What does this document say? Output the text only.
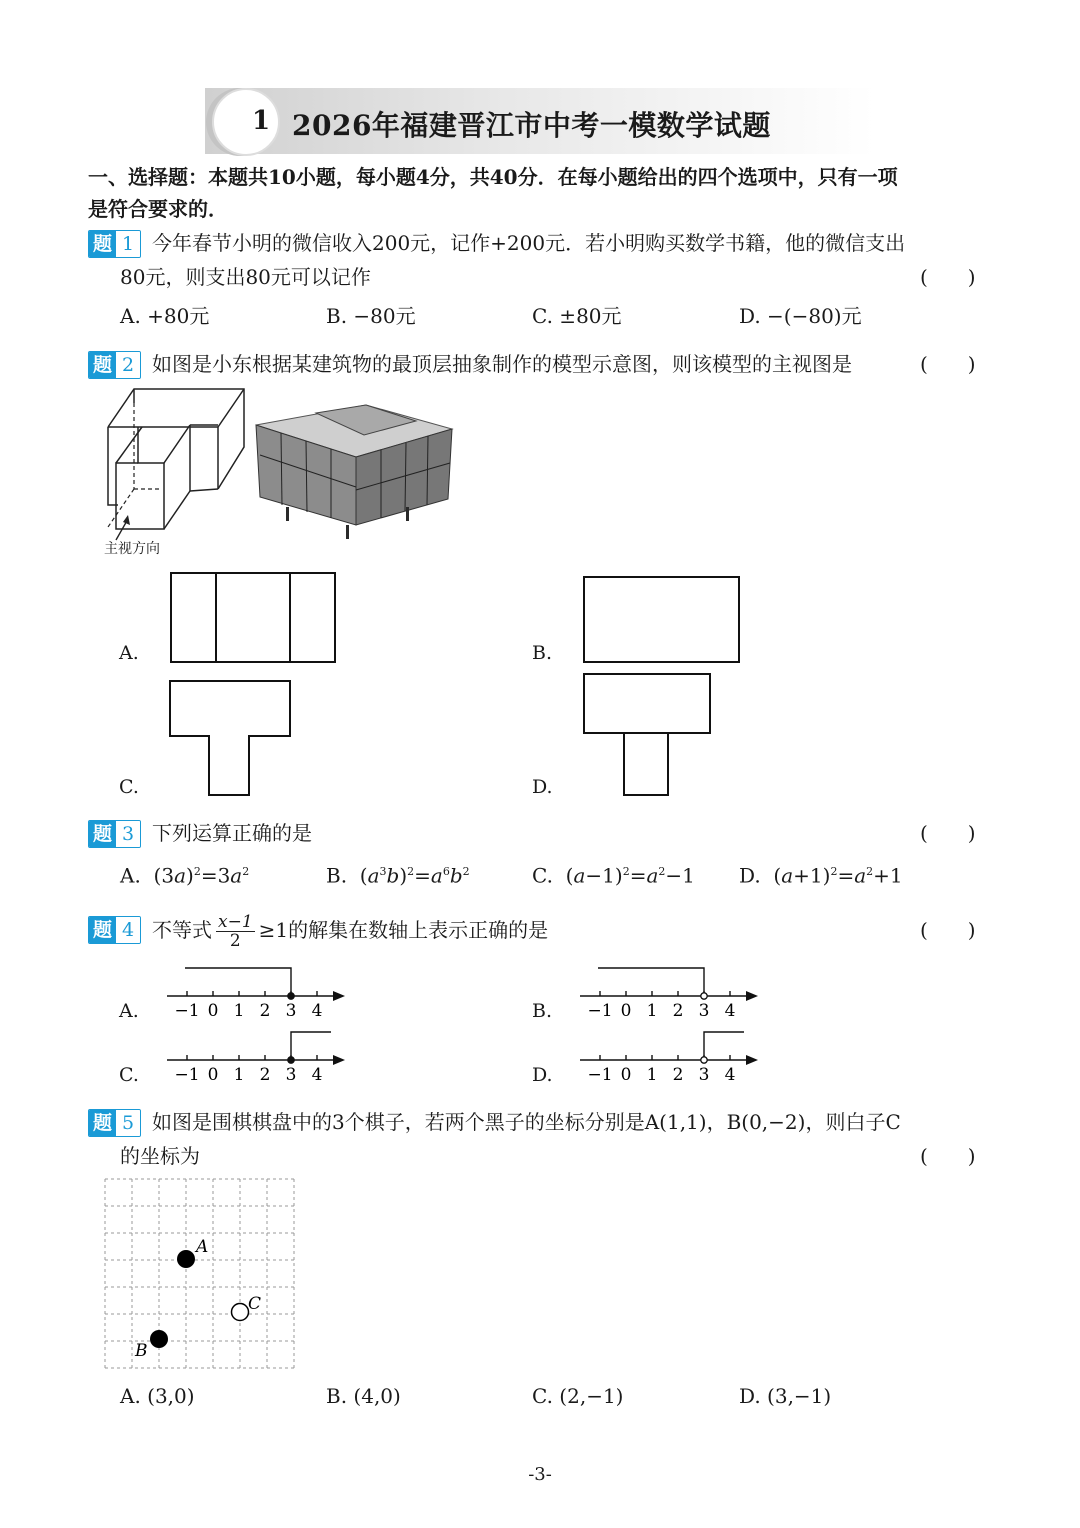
1 2026年福建晋江市中考一模数学试题
一、选择题：本题共10小题，每小题4分，共40分．在每小题给出的四个选项中，只有一项
是符合要求的．
题 1 今年春节小明的微信收入200元，记作+200元．若小明购买数学书籍，他的微信支出
80元，则支出80元可以记作	(　　)
A. +80元	B. −80元	C. ±80元	D. −(−80)元
题 2 如图是小东根据某建筑物的最顶层抽象制作的模型示意图，则该模型的主视图是	(　　)
主视方向
A.	B.
C.	D.
题 3 下列运算正确的是	(　　)
A.  $(3a)^2=3a^2$	B.  $(a^3b)^2=a^6b^2$	C.  $(a-1)^2=a^2-1$ D.  $(a+1)^2=a^2+1$
题 4 不等式 $\frac{x-1}{2} \ge 1$的解集在数轴上表示正确的是	(　　)
A.	B.
C.	D.
−1 0 1 2 3 4	−1 0 1 2 3 4
−1 0 1 2 3 4	−1 0 1 2 3 4
题 5 如图是围棋棋盘中的3个棋子，若两个黑子的坐标分别是A(1,1)，B(0,−2)，则白子C
的坐标为	(　　)
A
B
C
A. (3,0)	B. (4,0)	C. (2,−1)	D. (3,−1)
-3-
